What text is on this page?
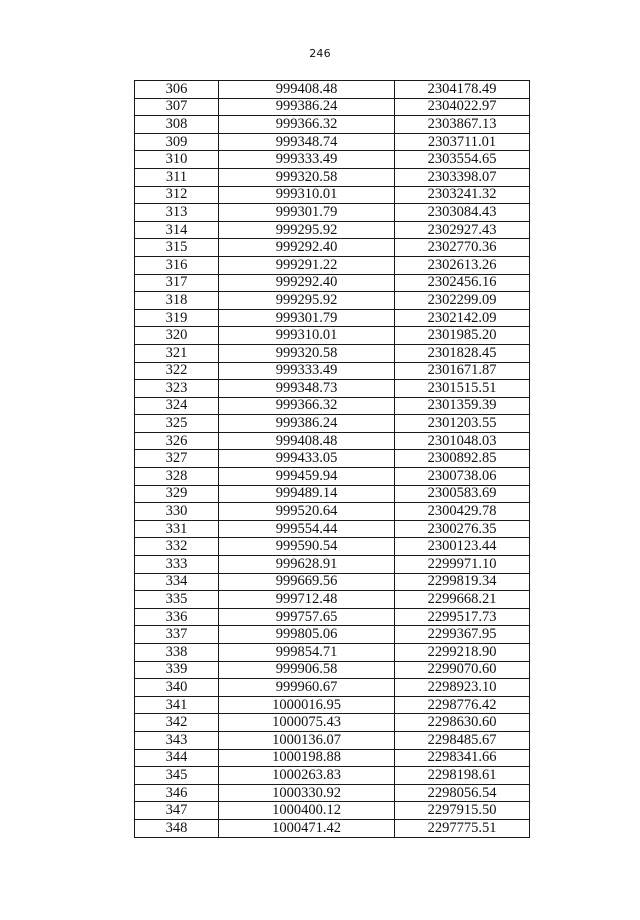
246
306	999408.48	2304178.49
307	999386.24	2304022.97
308	999366.32	2303867.13
309	999348.74	2303711.01
310	999333.49	2303554.65
311	999320.58	2303398.07
312	999310.01	2303241.32
313	999301.79	2303084.43
314	999295.92	2302927.43
315	999292.40	2302770.36
316	999291.22	2302613.26
317	999292.40	2302456.16
318	999295.92	2302299.09
319	999301.79	2302142.09
320	999310.01	2301985.20
321	999320.58	2301828.45
322	999333.49	2301671.87
323	999348.73	2301515.51
324	999366.32	2301359.39
325	999386.24	2301203.55
326	999408.48	2301048.03
327	999433.05	2300892.85
328	999459.94	2300738.06
329	999489.14	2300583.69
330	999520.64	2300429.78
331	999554.44	2300276.35
332	999590.54	2300123.44
333	999628.91	2299971.10
334	999669.56	2299819.34
335	999712.48	2299668.21
336	999757.65	2299517.73
337	999805.06	2299367.95
338	999854.71	2299218.90
339	999906.58	2299070.60
340	999960.67	2298923.10
341	1000016.95	2298776.42
342	1000075.43	2298630.60
343	1000136.07	2298485.67
344	1000198.88	2298341.66
345	1000263.83	2298198.61
346	1000330.92	2298056.54
347	1000400.12	2297915.50
348	1000471.42	2297775.51
